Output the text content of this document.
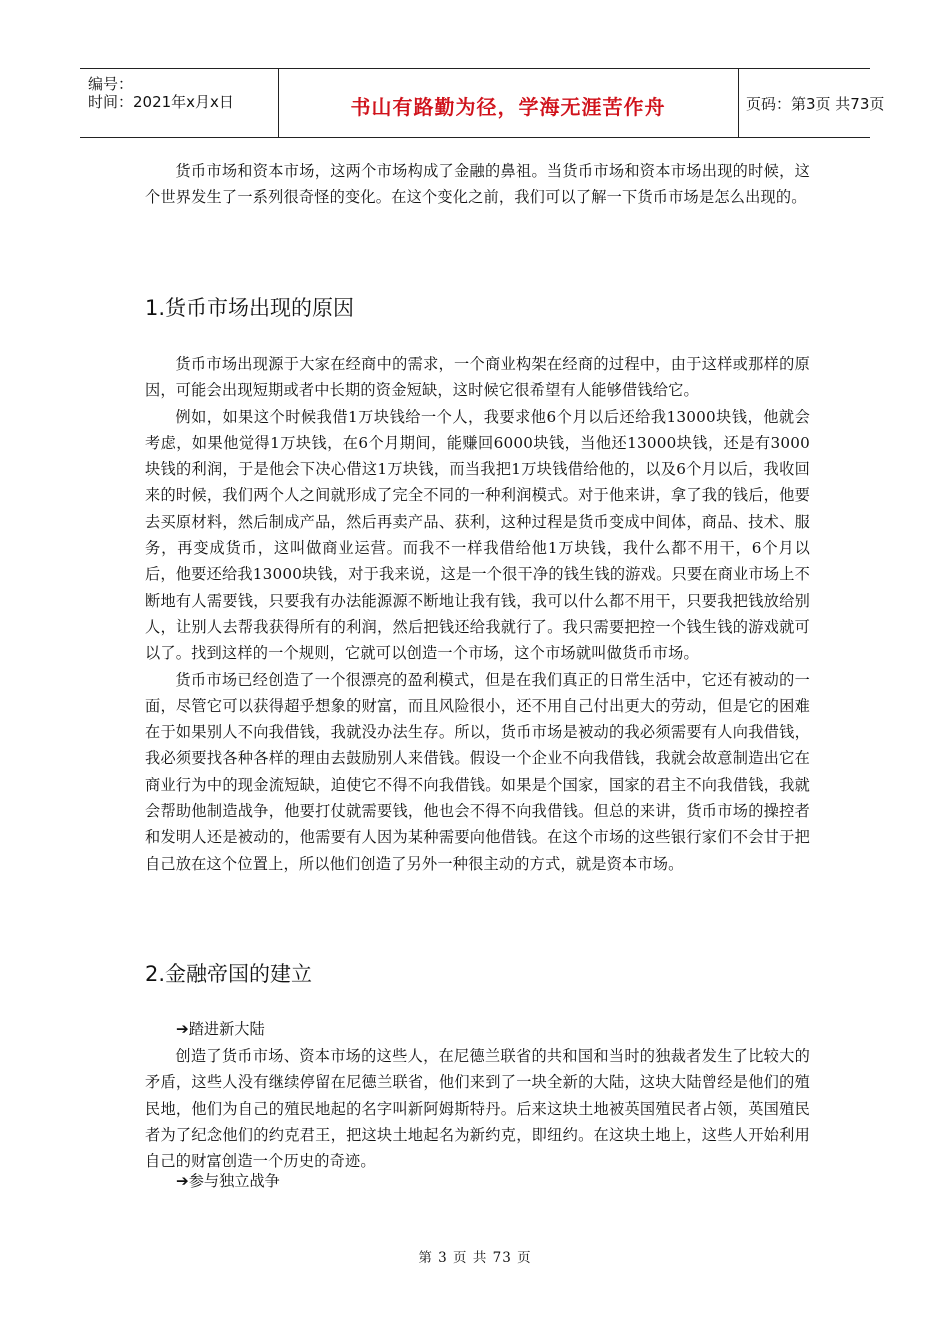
编号：
时间：2021年x月x日	书山有路勤为径，学海无涯苦作舟	页码：第3页 共73页

货币市场和资本市场，这两个市场构成了金融的鼻祖。当货币市场和资本市场出现的时候，这个世界发生了一系列很奇怪的变化。在这个变化之前，我们可以了解一下货币市场是怎么出现的。

1.货币市场出现的原因

货币市场出现源于大家在经商中的需求，一个商业构架在经商的过程中，由于这样或那样的原因，可能会出现短期或者中长期的资金短缺，这时候它很希望有人能够借钱给它。

例如，如果这个时候我借1万块钱给一个人，我要求他6个月以后还给我13000块钱，他就会考虑，如果他觉得1万块钱，在6个月期间，能赚回6000块钱，当他还13000块钱，还是有3000块钱的利润，于是他会下决心借这1万块钱，而当我把1万块钱借给他的，以及6个月以后，我收回来的时候，我们两个人之间就形成了完全不同的一种利润模式。对于他来讲，拿了我的钱后，他要去买原材料，然后制成产品，然后再卖产品、获利，这种过程是货币变成中间体，商品、技术、服务，再变成货币，这叫做商业运营。而我不一样我借给他1万块钱，我什么都不用干，6个月以后，他要还给我13000块钱，对于我来说，这是一个很干净的钱生钱的游戏。只要在商业市场上不断地有人需要钱，只要我有办法能源源不断地让我有钱，我可以什么都不用干，只要我把钱放给别人，让别人去帮我获得所有的利润，然后把钱还给我就行了。我只需要把控一个钱生钱的游戏就可以了。找到这样的一个规则，它就可以创造一个市场，这个市场就叫做货币市场。

货币市场已经创造了一个很漂亮的盈利模式，但是在我们真正的日常生活中，它还有被动的一面，尽管它可以获得超乎想象的财富，而且风险很小，还不用自己付出更大的劳动，但是它的困难在于如果别人不向我借钱，我就没办法生存。所以，货币市场是被动的我必须需要有人向我借钱，我必须要找各种各样的理由去鼓励别人来借钱。假设一个企业不向我借钱，我就会故意制造出它在商业行为中的现金流短缺，迫使它不得不向我借钱。如果是个国家，国家的君主不向我借钱，我就会帮助他制造战争，他要打仗就需要钱，他也会不得不向我借钱。但总的来讲，货币市场的操控者和发明人还是被动的，他需要有人因为某种需要向他借钱。在这个市场的这些银行家们不会甘于把自己放在这个位置上，所以他们创造了另外一种很主动的方式，就是资本市场。

2.金融帝国的建立
➔踏进新大陆

创造了货币市场、资本市场的这些人，在尼德兰联省的共和国和当时的独裁者发生了比较大的矛盾，这些人没有继续停留在尼德兰联省，他们来到了一块全新的大陆，这块大陆曾经是他们的殖民地，他们为自己的殖民地起的名字叫新阿姆斯特丹。后来这块土地被英国殖民者占领，英国殖民者为了纪念他们的约克君王，把这块土地起名为新约克，即纽约。在这块土地上，这些人开始利用自己的财富创造一个历史的奇迹。

➔参与独立战争
第 3 页 共 73 页
